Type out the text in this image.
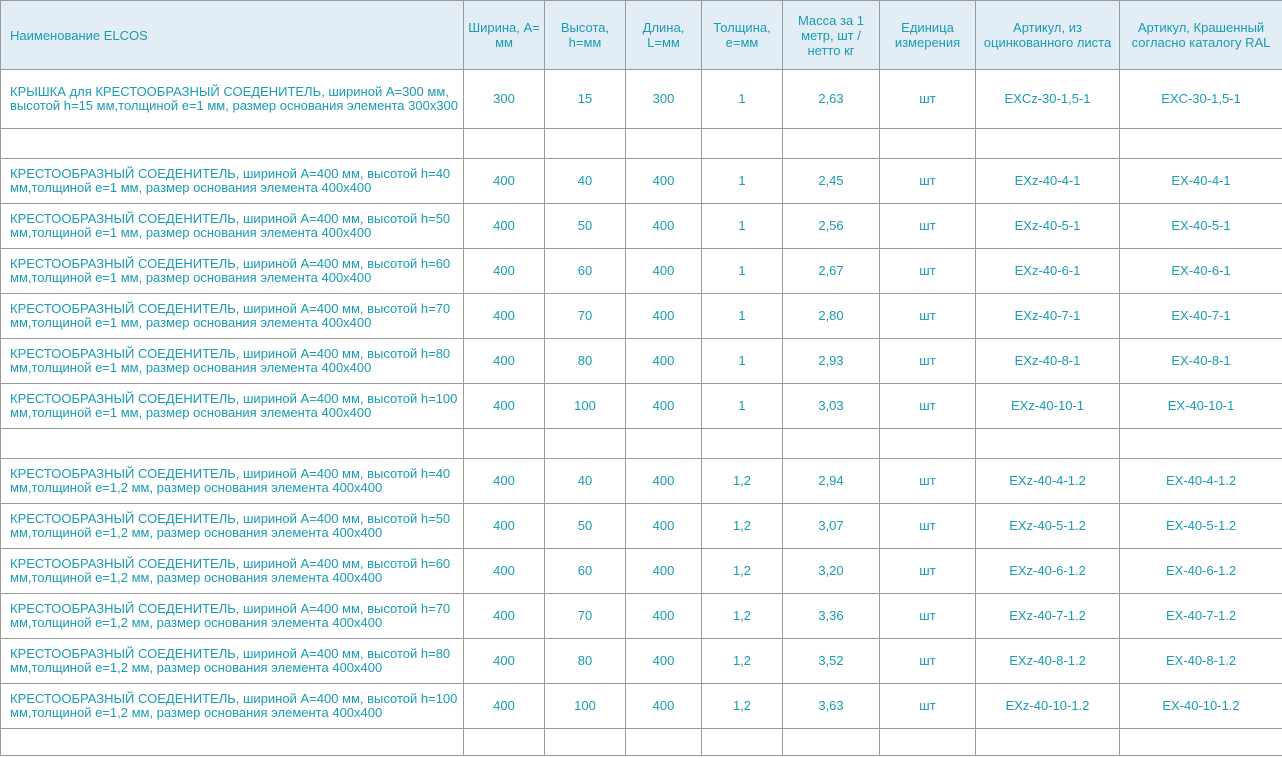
Наименование ELCOS	Ширина, А= мм	Высота, h=мм	Длина, L=мм	Толщина, е=мм	Масса за 1 метр, шт / нетто кг	Единица измерения	Артикул, из оцинкованного листа	Артикул, Крашенный согласно каталогу RAL
КРЫШКА для КРЕСТООБРАЗНЫЙ СОЕДЕНИТЕЛЬ, шириной А=300 мм, высотой h=15 мм,толщиной е=1 мм, размер основания элемента 300х300	300	15	300	1	2,63	шт	EXCz-30-1,5-1	EXC-30-1,5-1

КРЕСТООБРАЗНЫЙ СОЕДЕНИТЕЛЬ, шириной А=400 мм, высотой h=40 мм,толщиной е=1 мм, размер основания элемента 400х400	400	40	400	1	2,45	шт	EXz-40-4-1	EX-40-4-1
КРЕСТООБРАЗНЫЙ СОЕДЕНИТЕЛЬ, шириной А=400 мм, высотой h=50 мм,толщиной е=1 мм, размер основания элемента 400х400	400	50	400	1	2,56	шт	EXz-40-5-1	EX-40-5-1
КРЕСТООБРАЗНЫЙ СОЕДЕНИТЕЛЬ, шириной А=400 мм, высотой h=60 мм,толщиной е=1 мм, размер основания элемента 400х400	400	60	400	1	2,67	шт	EXz-40-6-1	EX-40-6-1
КРЕСТООБРАЗНЫЙ СОЕДЕНИТЕЛЬ, шириной А=400 мм, высотой h=70 мм,толщиной е=1 мм, размер основания элемента 400х400	400	70	400	1	2,80	шт	EXz-40-7-1	EX-40-7-1
КРЕСТООБРАЗНЫЙ СОЕДЕНИТЕЛЬ, шириной А=400 мм, высотой h=80 мм,толщиной е=1 мм, размер основания элемента 400х400	400	80	400	1	2,93	шт	EXz-40-8-1	EX-40-8-1
КРЕСТООБРАЗНЫЙ СОЕДЕНИТЕЛЬ, шириной А=400 мм, высотой h=100 мм,толщиной е=1 мм, размер основания элемента 400х400	400	100	400	1	3,03	шт	EXz-40-10-1	EX-40-10-1

КРЕСТООБРАЗНЫЙ СОЕДЕНИТЕЛЬ, шириной А=400 мм, высотой h=40 мм,толщиной е=1,2 мм, размер основания элемента 400х400	400	40	400	1,2	2,94	шт	EXz-40-4-1.2	EX-40-4-1.2
КРЕСТООБРАЗНЫЙ СОЕДЕНИТЕЛЬ, шириной А=400 мм, высотой h=50 мм,толщиной е=1,2 мм, размер основания элемента 400х400	400	50	400	1,2	3,07	шт	EXz-40-5-1.2	EX-40-5-1.2
КРЕСТООБРАЗНЫЙ СОЕДЕНИТЕЛЬ, шириной А=400 мм, высотой h=60 мм,толщиной е=1,2 мм, размер основания элемента 400х400	400	60	400	1,2	3,20	шт	EXz-40-6-1.2	EX-40-6-1.2
КРЕСТООБРАЗНЫЙ СОЕДЕНИТЕЛЬ, шириной А=400 мм, высотой h=70 мм,толщиной е=1,2 мм, размер основания элемента 400х400	400	70	400	1,2	3,36	шт	EXz-40-7-1.2	EX-40-7-1.2
КРЕСТООБРАЗНЫЙ СОЕДЕНИТЕЛЬ, шириной А=400 мм, высотой h=80 мм,толщиной е=1,2 мм, размер основания элемента 400х400	400	80	400	1,2	3,52	шт	EXz-40-8-1.2	EX-40-8-1.2
КРЕСТООБРАЗНЫЙ СОЕДЕНИТЕЛЬ, шириной А=400 мм, высотой h=100 мм,толщиной е=1,2 мм, размер основания элемента 400х400	400	100	400	1,2	3,63	шт	EXz-40-10-1.2	EX-40-10-1.2
